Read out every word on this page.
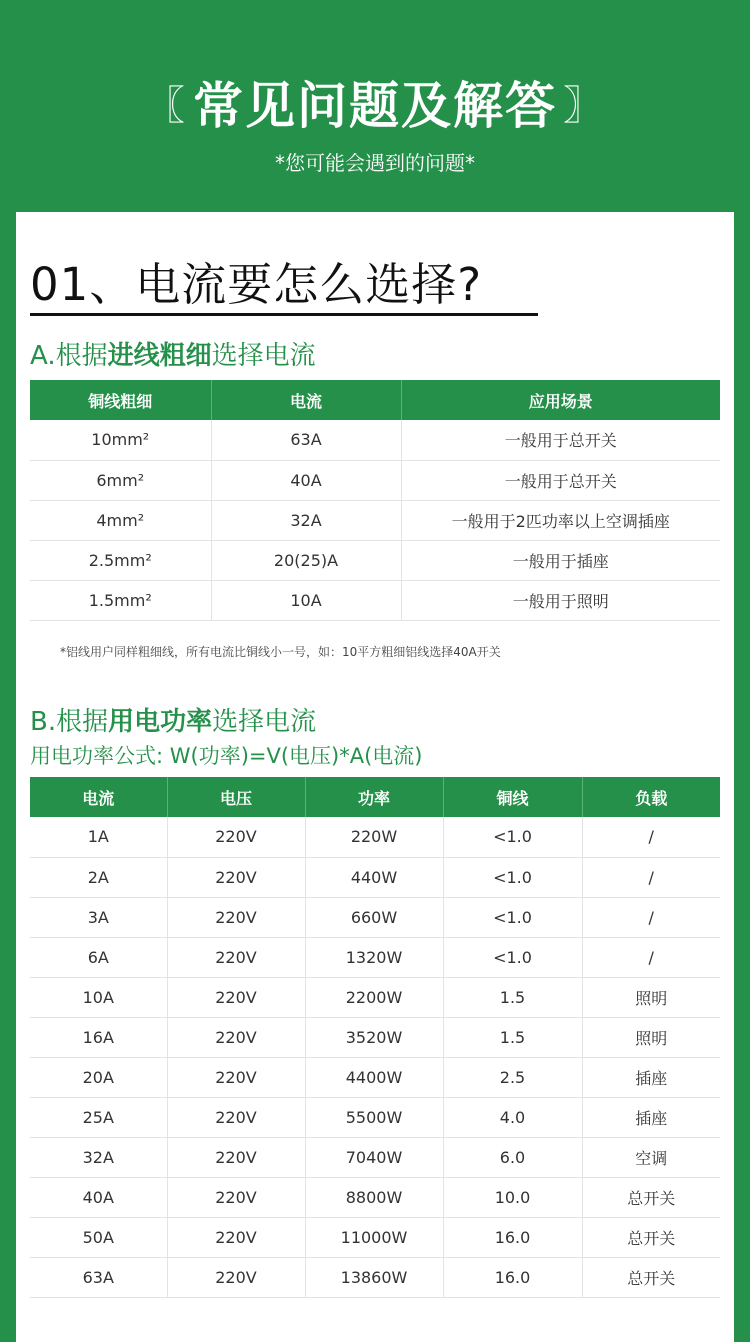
〖 常见问题及解答 〗
*您可能会遇到的问题*
01、电流要怎么选择?
A.根据进线粗细选择电流
铜线粗细	电流	应用场景
10mm²	63A	一般用于总开关
6mm²	40A	一般用于总开关
4mm²	32A	一般用于2匹功率以上空调插座
2.5mm²	20(25)A	一般用于插座
1.5mm²	10A	一般用于照明
*铝线用户同样粗细线，所有电流比铜线小一号，如：10平方粗细铝线选择40A开关
B.根据用电功率选择电流
用电功率公式: W(功率)=V(电压)*A(电流)
电流	电压	功率	铜线	负载
1A	220V	220W	<1.0	/
2A	220V	440W	<1.0	/
3A	220V	660W	<1.0	/
6A	220V	1320W	<1.0	/
10A	220V	2200W	1.5	照明
16A	220V	3520W	1.5	照明
20A	220V	4400W	2.5	插座
25A	220V	5500W	4.0	插座
32A	220V	7040W	6.0	空调
40A	220V	8800W	10.0	总开关
50A	220V	11000W	16.0	总开关
63A	220V	13860W	16.0	总开关
